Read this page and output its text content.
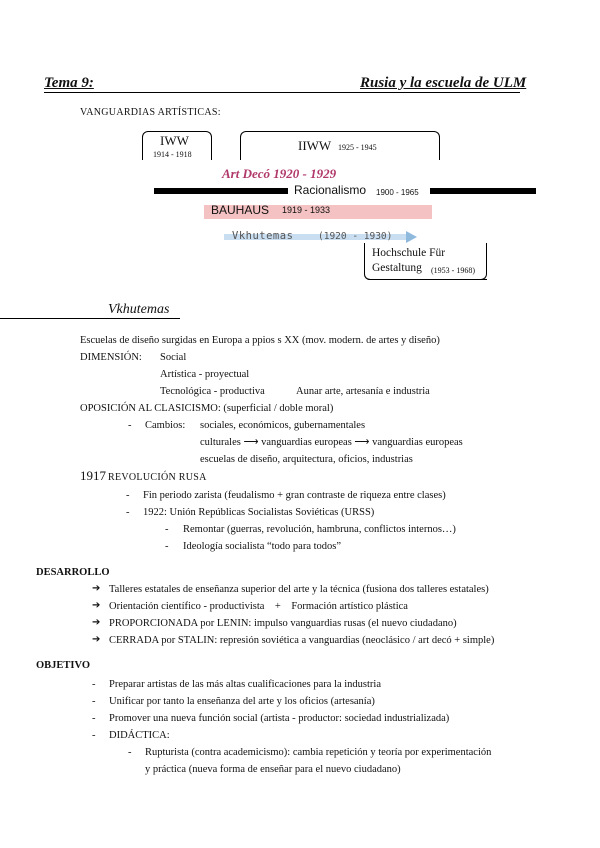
Tema 9:	Rusia y la escuela de ULM
VANGUARDIAS ARTÍSTICAS:
IWW
1914 - 1918
IIWW 1925 - 1945
Art Decó 1920 - 1929
Racionalismo 1900 - 1965
BAUHAUS 1919 - 1933
Vkhutemas	(1920 - 1930)
Hochschule Für
Gestaltung (1953 - 1968)
Vkhutemas
Escuelas de diseño surgidas en Europa a ppios s XX (mov. modern. de artes y diseño)
DIMENSIÓN: Social
Artística - proyectual
Tecnológica - productiva	Aunar arte, artesanía e industria
OPOSICIÓN AL CLASICISMO: (superficial / doble moral)
- Cambios: sociales, económicos, gubernamentales
culturales ⟶ vanguardias europeas ⟶ vanguardias europeas
escuelas de diseño, arquitectura, oficios, industrias
1917 REVOLUCIÓN RUSA
- Fin periodo zarista (feudalismo + gran contraste de riqueza entre clases)
- 1922: Unión Repúblicas Socialistas Soviéticas (URSS)
- Remontar (guerras, revolución, hambruna, conflictos internos…)
- Ideología socialista “todo para todos”
DESARROLLO
➔ Talleres estatales de enseñanza superior del arte y la técnica (fusiona dos talleres estatales)
➔ Orientación científico - productivista    +    Formación artístico plástica
➔ PROPORCIONADA por LENIN: impulso vanguardias rusas (el nuevo ciudadano)
➔ CERRADA por STALIN: represión soviética a vanguardias (neoclásico / art decó + simple)
OBJETIVO
- Preparar artistas de las más altas cualificaciones para la industria
- Unificar por tanto la enseñanza del arte y los oficios (artesanía)
- Promover una nueva función social (artista - productor: sociedad industrializada)
- DIDÁCTICA:
- Rupturista (contra academicismo): cambia repetición y teoría por experimentación
y práctica (nueva forma de enseñar para el nuevo ciudadano)
